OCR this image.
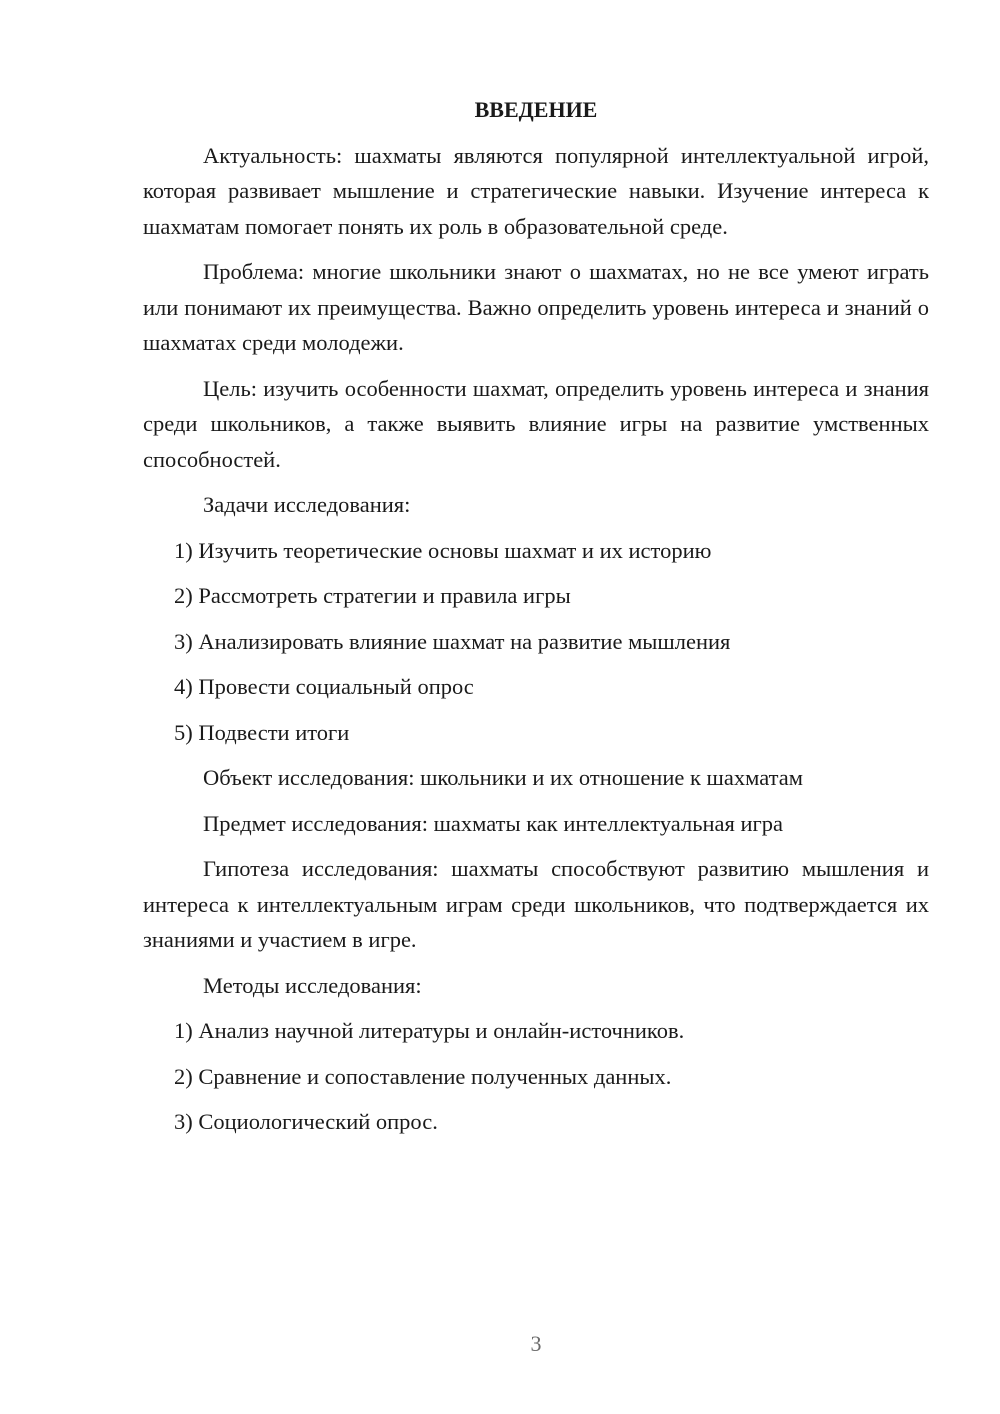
ВВЕДЕНИЕ

Актуальность: шахматы являются популярной интеллектуальной игрой, которая развивает мышление и стратегические навыки. Изучение интереса к шахматам помогает понять их роль в образовательной среде.

Проблема: многие школьники знают о шахматах, но не все умеют играть или понимают их преимущества. Важно определить уровень интереса и знаний о шахматах среди молодежи.

Цель: изучить особенности шахмат, определить уровень интереса и знания среди школьников, а также выявить влияние игры на развитие умственных способностей.

Задачи исследования:

1) Изучить теоретические основы шахмат и их историю
2) Рассмотреть стратегии и правила игры
3) Анализировать влияние шахмат на развитие мышления
4) Провести социальный опрос
5) Подвести итоги

Объект исследования: школьники и их отношение к шахматам

Предмет исследования: шахматы как интеллектуальная игра

Гипотеза исследования: шахматы способствуют развитию мышления и интереса к интеллектуальным играм среди школьников, что подтверждается их знаниями и участием в игре.

Методы исследования:

1) Анализ научной литературы и онлайн-источников.
2) Сравнение и сопоставление полученных данных.
3) Социологический опрос.
3
